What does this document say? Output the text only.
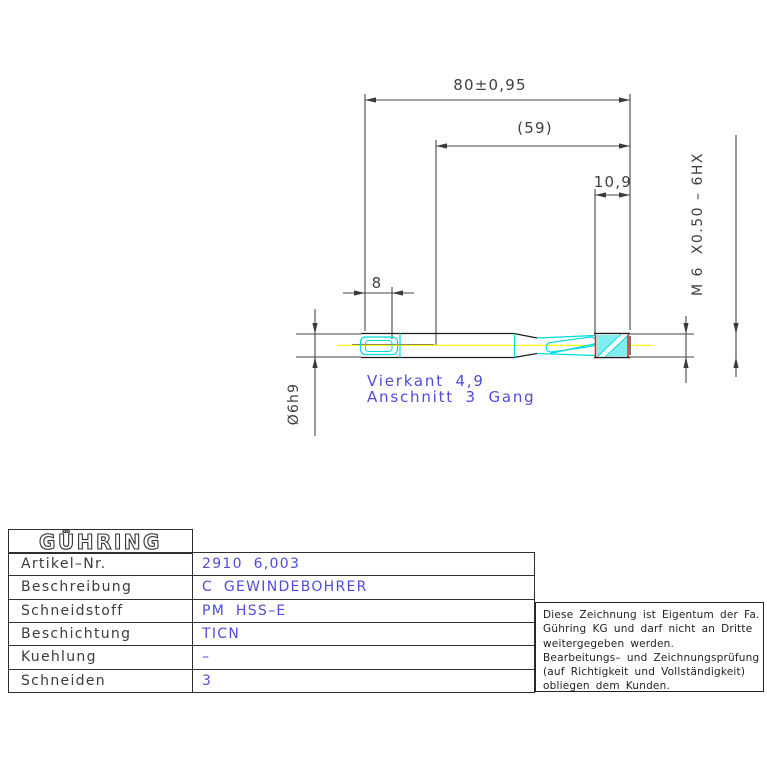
80±0,95
(59)
10,9
8
Ø6h9
M 6  X0.50 – 6HX
Vierkant 4,9
Anschnitt 3 Gang
GÜHRING
Artikel–Nr.	2910 6,003
Beschreibung	C GEWINDEBOHRER
Schneidstoff	PM HSS–E
Beschichtung	TICN
Kuehlung	–
Schneiden	3
Diese Zeichnung ist Eigentum der Fa.
Gühring KG und darf nicht an Dritte
weitergegeben werden.
Bearbeitungs– und Zeichnungsprüfung
(auf Richtigkeit und Vollständigkeit)
obliegen dem Kunden.
